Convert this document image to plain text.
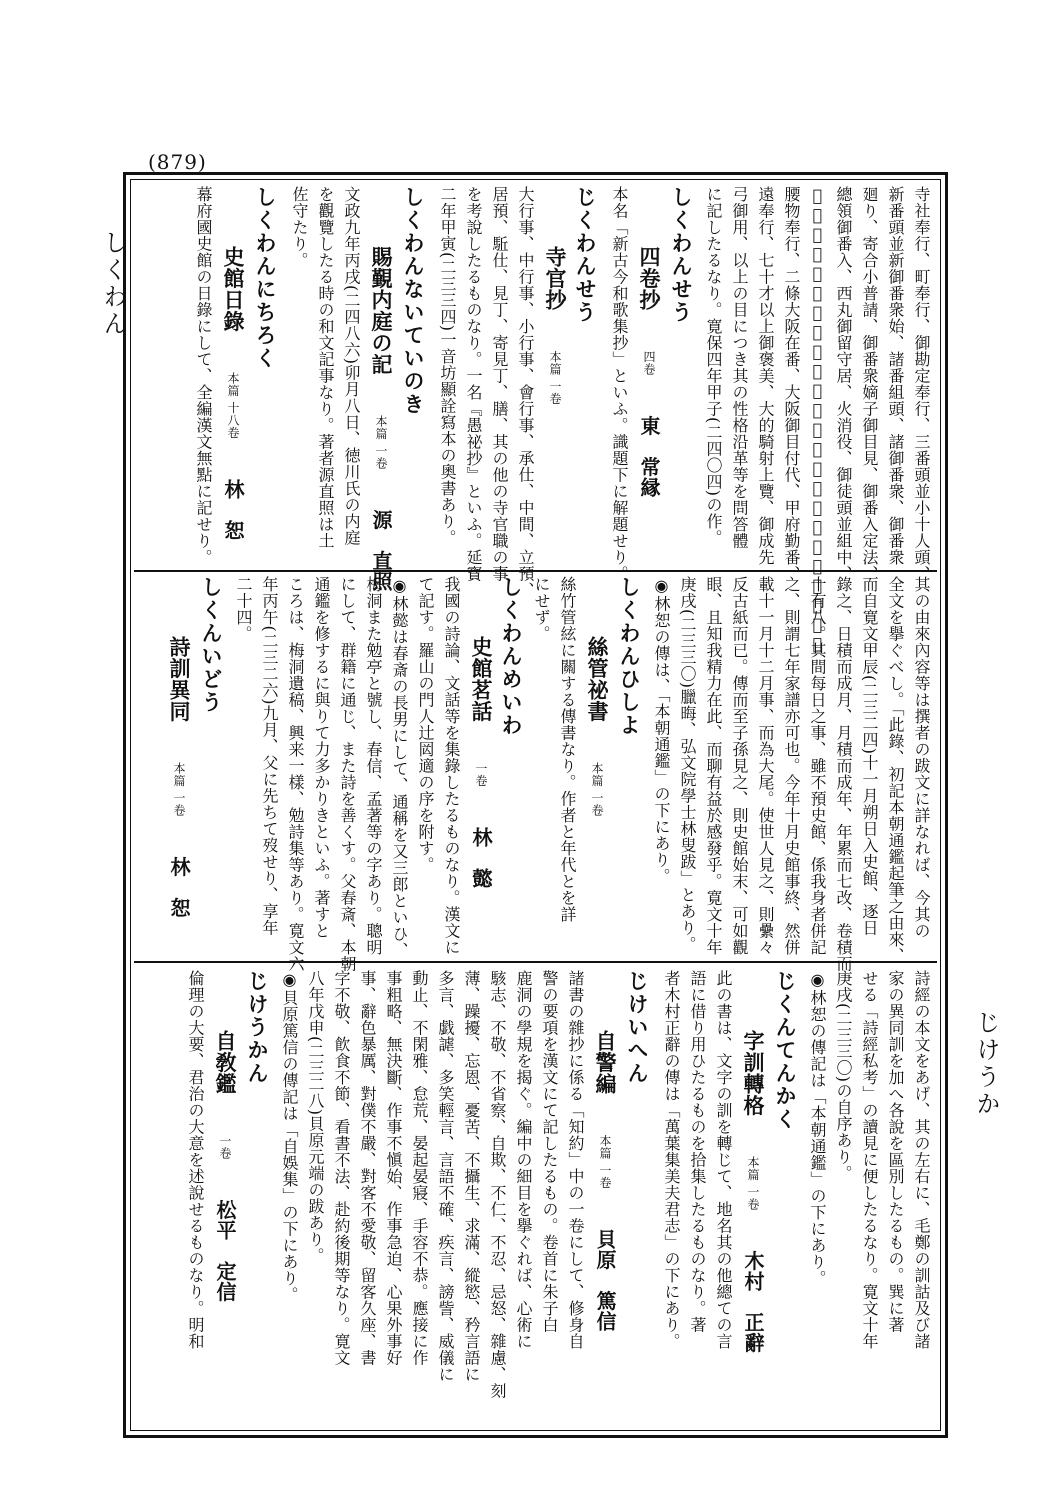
(879)
しくわん
じけうか
寺社奉行、町奉行、御勘定奉行、三番頭並小十人頭、
新番頭並新御番衆始、諸番組頭、諸御番衆、御番衆
廻り、寄合小普請、御番衆嫡子御目見、御番入定法、
總領御番入、西丸御留守居、火消役、御徒頭並組中、
𤥨数御役替、二段布衣、諸御番方出役、御蔵奉行、御
腰物奉行、二條大阪在番、大阪御目付代、甲府勤番、
遠奉行、七十才以上御褒美、大的騎射上覽、御成先
弓御用、以上の目につき其の性格沿革等を問答體
に記したるなり。寛保四年甲子(二四〇四)の作。
しくわんせう
四卷抄四卷東　常縁
本名「新古今和歌集抄」といふ。識題下に解題せり。
じくわんせう
寺官抄本篇 一卷
大行事、中行事、小行事、會行事、承仕、中間、立預、
居預、駈仕、見丁、寄見丁、膳、其の他の寺官職の事
を考說したるものなり。一名『愚祕抄』といふ。延寳
二年甲寅(二三三四)一音坊顯詮寫本の奧書あり。
しくわんないていのき
賜覲内庭の記本篇 一卷源　直照
文政九年丙戌(二四八六)卯月八日、徳川氏の内庭
を觀覽したる時の和文記事なり。著者源直照は土
佐守たり。
しくわんにちろく
史館日錄本篇 十八卷林　恕
幕府國史館の日錄にして、全編漢文無點に記せり。
其の由來內容等は撰者の跋文に詳なれば、今其の
全文を擧ぐべし。「此錄、初記本朝通鑑起筆之由來、
而自寛文甲辰(二三二四)十一月朔日入史館、逐日
錄之、日積而成月、月積而成年、年累而七改、卷積而
十有八。其間每日之事、雖不預史館、係我身者併記
之、則謂七年家譜亦可也。今年十月史館事終、然併
載十一月十二月事、而為大尾。使世人見之、則纍々
反古紙而已。傳而至子孫見之、則史館始末、可如觀
眼、且知我精力在此、而聊有益於感發乎。寛文十年
庚戌(二三三〇)臘晦、弘文院學士林叟跋」とあり。
◉林恕の傳は、「本朝通鑑」の下にあり。
しくわんひしよ
絲管祕書本篇 一卷
絲竹管絃に關する傳書なり。作者と年代とを詳
にせず。
しくわんめいわ
史館茗話一卷林　懿
我國の詩論、文話等を集錄したるものなり。漢文に
て記す。羅山の門人辻㒺適の序を附す。
◉林懿は春斎の長男にして、通稱を又三郎といひ、
梅洞また勉亭と號し、春信、孟著等の字あり。聰明
にして、群籍に通じ、また詩を善くす。父春斎、本朝
通鑑を修するに與りて力多かりきといふ。著すと
ころは、梅洞遺稿、興来一樣、勉詩集等あり。寛文六
年丙午(二三二六)九月、父に先ちて歿せり、享年
二十四。
しくんいどう
詩訓異同本篇 一卷林　恕
詩經の本文をあげ、其の左右に、毛鄭の訓詁及び諸
家の異同訓を加へ各說を區別したるもの。巽に著
せる「詩經私考」の讀見に便したるなり。寛文十年
庚戌(二三三〇)の自序あり。
◉林恕の傳記は「本朝通鑑」の下にあり。
じくんてんかく
字訓轉格本篇 一卷木村　正辭
此の書は、文字の訓を轉じて、地名其の他總ての言
語に借り用ひたるものを拾集したるものなり。著
者木村正辭の傳は「萬葉集美夫君志」の下にあり。
じけいへん
自警編本篇 一卷貝原　篤信
諸書の雜抄に係る「知約」中の一卷にして、修身自
警の要項を漢文にて記したるもの。卷首に朱子白
鹿洞の學規を揭ぐ。編中の細目を擧ぐれば、心術に
駭志、不敬、不省察、自欺、不仁、不忍、忌怒、雜慮、刻
薄、躁擾、忘恩、憂苦、不攝生、求滿、縱慾、矜言語に
多言、戯謔、多笑輕言、言語不確、疾言、謗訾、威儀に
動止、不閑雅、怠荒、晏起晏寢、手容不恭。應接に作
事粗略、無決斷、作事不愼始、作事急迫、心果外事好
事、辭色暴厲、對僕不嚴、對客不愛敬、留客久座、書
字不敬、飮食不節、看書不法、赴約後期等なり。寛文
八年戊申(二三二八)貝原元端の跋あり。
◉貝原篤信の傳記は「自娛集」の下にあり。
じけうかん
自敎鑑一卷松平　定信
倫理の大要、君治の大意を述說せるものなり。明和
